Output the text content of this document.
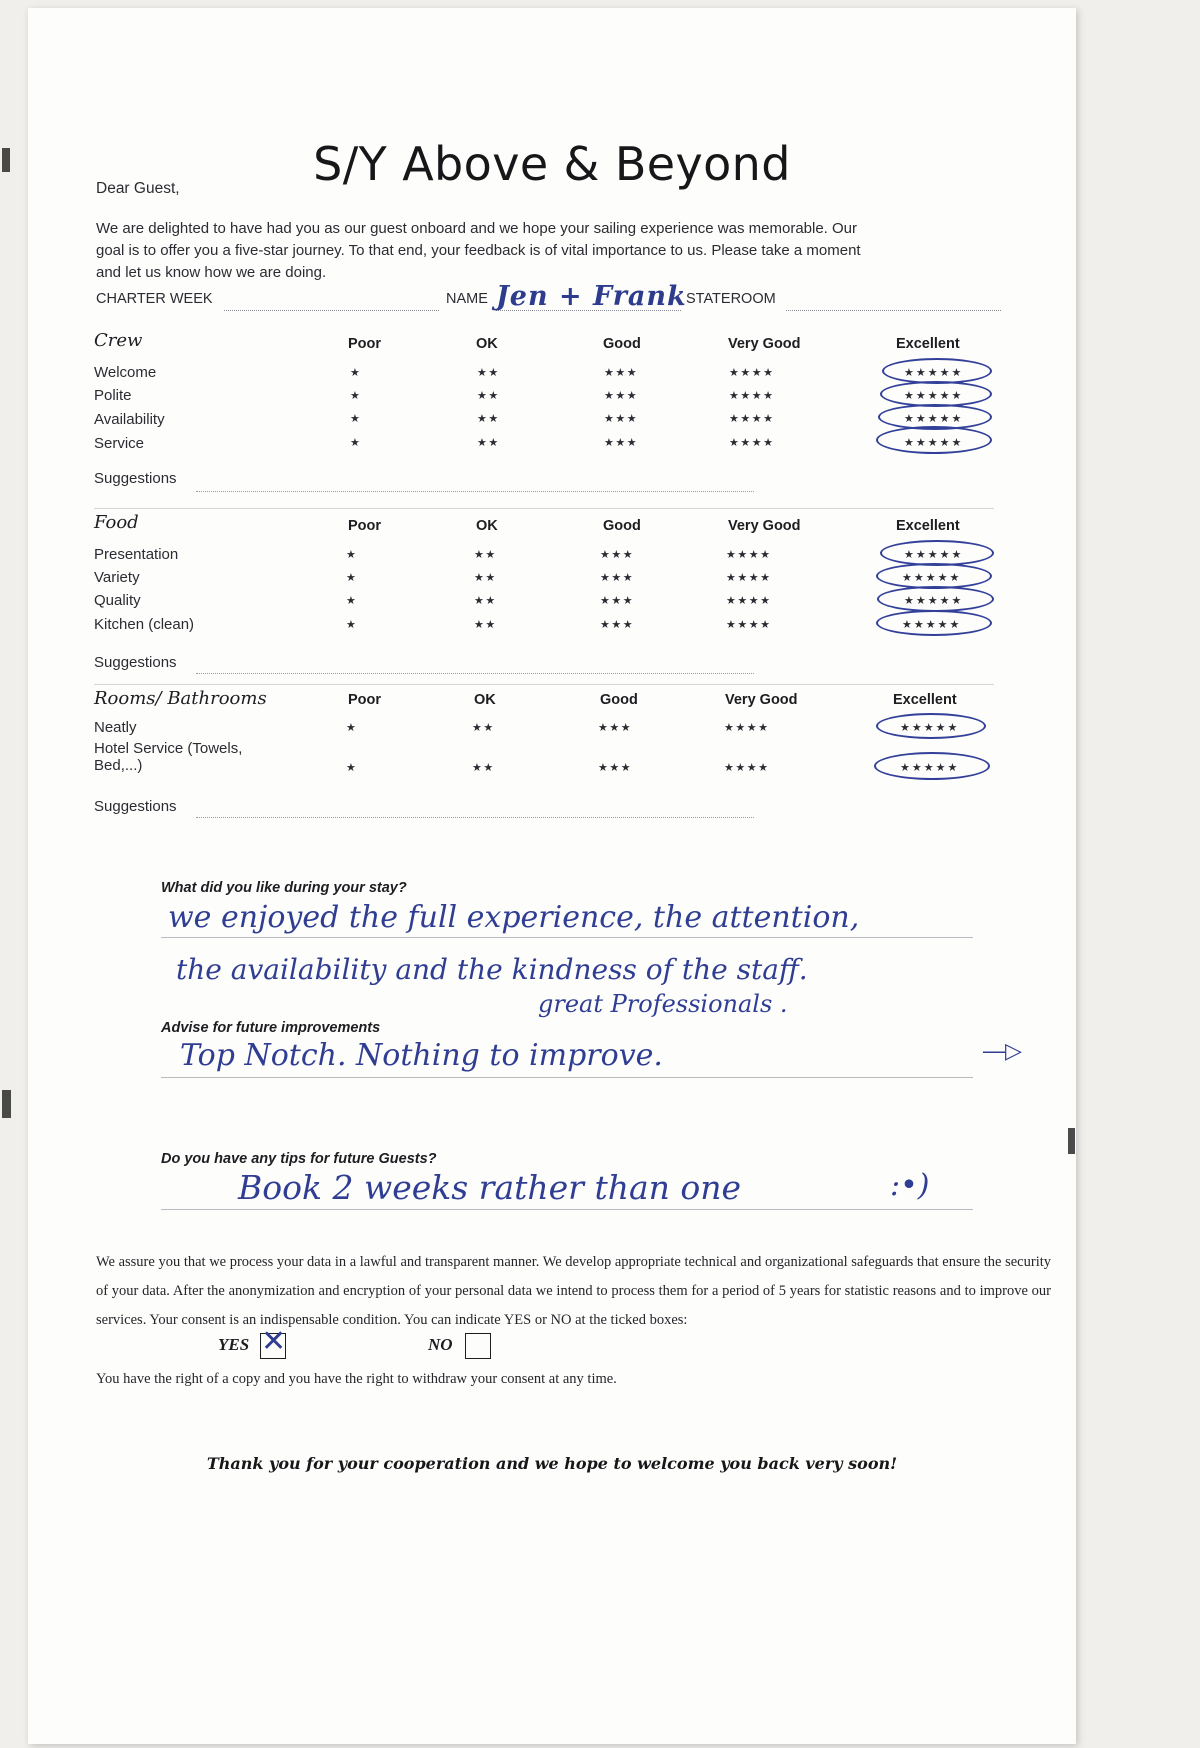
S/Y Above & Beyond
Dear Guest,
We are delighted to have had you as our guest onboard and we hope your sailing experience was memorable. Our goal is to offer you a five-star journey. To that end, your feedback is of vital importance to us. Please take a moment and let us know how we are doing.
CHARTER WEEK	NAME Jen + Frank STATEROOM
Crew	Poor	OK	Good	Very Good	Excellent
Welcome	★	★★	★★★	★★★★	★★★★★
Polite	★	★★	★★★	★★★★	★★★★★
Availability	★	★★	★★★	★★★★	★★★★★
Service	★	★★	★★★	★★★★	★★★★★
Suggestions
Food	Poor	OK	Good	Very Good	Excellent
Presentation	★	★★	★★★	★★★★	★★★★★
Variety	★	★★	★★★	★★★★	★★★★★
Quality	★	★★	★★★	★★★★	★★★★★
Kitchen (clean)	★	★★	★★★	★★★★	★★★★★
Suggestions
Rooms/ Bathrooms	Poor	OK	Good	Very Good	Excellent
Neatly	★	★★	★★★	★★★★	★★★★★
Hotel Service (Towels, Bed,...)	★	★★	★★★	★★★★	★★★★★
Suggestions
What did you like during your stay?
we enjoyed the full experience, the attention,
the availability and the kindness of the staff.
great Professionals .
Advise for future improvements
Top Notch. Nothing to improve.	—▷
Do you have any tips for future Guests?
Book 2 weeks rather than one	:•)
We assure you that we process your data in a lawful and transparent manner. We develop appropriate technical and organizational safeguards that ensure the security of your data. After the anonymization and encryption of your personal data we intend to process them for a period of 5 years for statistic reasons and to improve our services. Your consent is an indispensable condition. You can indicate YES or NO at the ticked boxes:
YES ✕	NO
You have the right of a copy and you have the right to withdraw your consent at any time.
Thank you for your cooperation and we hope to welcome you back very soon!
